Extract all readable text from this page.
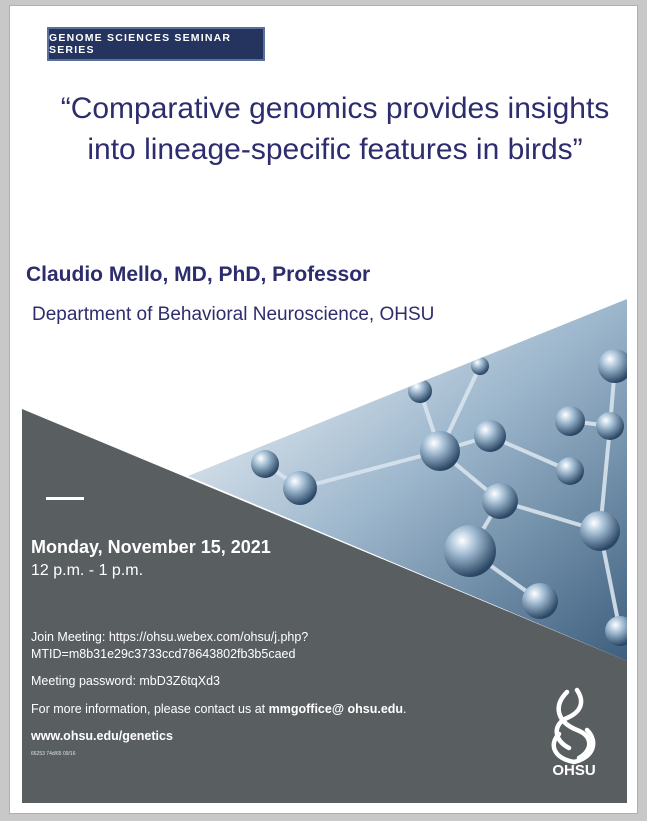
GENOME SCIENCES SEMINAR SERIES
“Comparative genomics provides insights
into lineage-specific features in birds”
Claudio Mello, MD, PhD, Professor
Department of Behavioral Neuroscience, OHSU
Monday, November 15, 2021
12 p.m. - 1 p.m.
Join Meeting: https://ohsu.webex.com/ohsu/j.php?
MTID=m8b31e29c3733ccd78643802fb3b5caed
Meeting password: mbD3Z6tqXd3
For more information, please contact us at mmgoffice@ ohsu.edu.
www.ohsu.edu/genetics
66253 74d/65 09/16
OHSU
